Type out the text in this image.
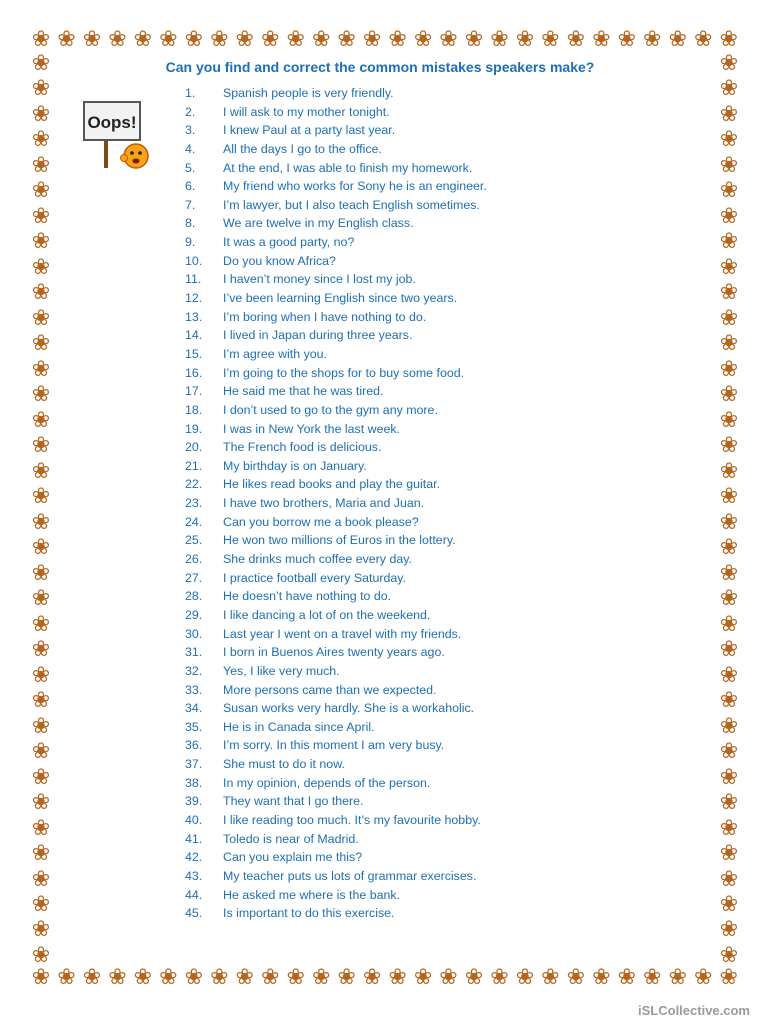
❀ ❀ ❀ ❀ ❀ ❀ ❀ ❀ ❀ ❀ ❀ ❀ ❀ ❀ ❀ ❀ ❀ ❀ ❀ ❀ ❀ ❀ ❀ ❀ ❀ ❀ ❀ ❀
❀ ❀ ❀ ❀ ❀ ❀ ❀ ❀ ❀ ❀ ❀ ❀ ❀ ❀ ❀ ❀ ❀ ❀ ❀ ❀ ❀ ❀ ❀ ❀ ❀ ❀ ❀ ❀
❀
❀
❀
❀
❀
❀
❀
❀
❀
❀
❀
❀
❀
❀
❀
❀
❀
❀
❀
❀
❀
❀
❀
❀
❀
❀
❀
❀
❀
❀
❀
❀
❀
❀
❀
❀
❀
❀
❀
❀
❀
❀
❀
❀
❀
❀
❀
❀
❀
❀
❀
❀
❀
❀
❀
❀
❀
❀
❀
❀
❀
❀
❀
❀
❀
❀
❀
❀
❀
❀
❀
❀
Can you find and correct the common mistakes speakers make?
Oops!
1. Spanish people is very friendly.
2. I will ask to my mother tonight.
3. I knew Paul at a party last year.
4. All the days I go to the office.
5. At the end, I was able to finish my homework.
6. My friend who works for Sony he is an engineer.
7. I’m lawyer, but I also teach English sometimes.
8. We are twelve in my English class.
9. It was a good party, no?
10. Do you know Africa?
11. I haven’t money since I lost my job.
12. I’ve been learning English since two years.
13. I’m boring when I have nothing to do.
14. I lived in Japan during three years.
15. I’m agree with you.
16. I’m going to the shops for to buy some food.
17. He said me that he was tired.
18. I don’t used to go to the gym any more.
19. I was in New York the last week.
20. The French food is delicious.
21. My birthday is on January.
22. He likes read books and play the guitar.
23. I have two brothers, Maria and Juan.
24. Can you borrow me a book please?
25. He won two millions of Euros in the lottery.
26. She drinks much coffee every day.
27. I practice football every Saturday.
28. He doesn’t have nothing to do.
29. I like dancing a lot of on the weekend.
30. Last year I went on a travel with my friends.
31. I born in Buenos Aires twenty years ago.
32. Yes, I like very much.
33. More persons came than we expected.
34. Susan works very hardly. She is a workaholic.
35. He is in Canada since April.
36. I’m sorry. In this moment I am very busy.
37. She must to do it now.
38. In my opinion, depends of the person.
39. They want that I go there.
40. I like reading too much. It’s my favourite hobby.
41. Toledo is near of Madrid.
42. Can you explain me this?
43. My teacher puts us lots of grammar exercises.
44. He asked me where is the bank.
45. Is important to do this exercise.
iSLCollective.com
